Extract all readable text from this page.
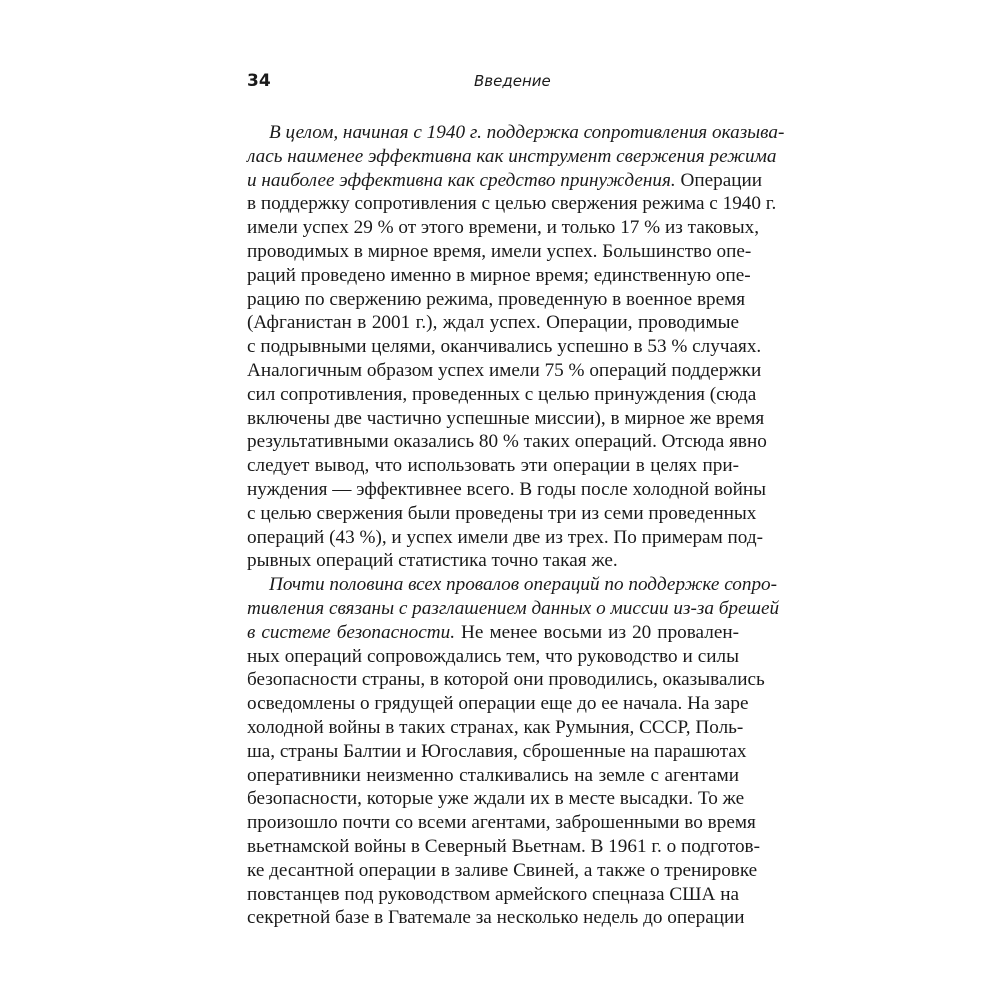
34	Введение
В целом, начиная с 1940 г. поддержка сопротивления оказыва-
лась наименее эффективна как инструмент свержения режима
и наиболее эффективна как средство принуждения. Операции
в поддержку сопротивления с целью свержения режима с 1940 г.
имели успех 29 % от этого времени, и только 17 % из таковых,
проводимых в мирное время, имели успех. Большинство опе-
раций проведено именно в мирное время; единственную опе-
рацию по свержению режима, проведенную в военное время
(Афганистан в 2001 г.), ждал успех. Операции, проводимые
с подрывными целями, оканчивались успешно в 53 % случаях.
Аналогичным образом успех имели 75 % операций поддержки
сил сопротивления, проведенных с целью принуждения (сюда
включены две частично успешные миссии), в мирное же время
результативными оказались 80 % таких операций. Отсюда явно
следует вывод, что использовать эти операции в целях при-
нуждения — эффективнее всего. В годы после холодной войны
с целью свержения были проведены три из семи проведенных
операций (43 %), и успех имели две из трех. По примерам под-
рывных операций статистика точно такая же.
Почти половина всех провалов операций по поддержке сопро-
тивления связаны с разглашением данных о миссии из-за брешей
в системе безопасности. Не менее восьми из 20 провален-
ных операций сопровождались тем, что руководство и силы
безопасности страны, в которой они проводились, оказывались
осведомлены о грядущей операции еще до ее начала. На заре
холодной войны в таких странах, как Румыния, СССР, Поль-
ша, страны Балтии и Югославия, сброшенные на парашютах
оперативники неизменно сталкивались на земле с агентами
безопасности, которые уже ждали их в месте высадки. То же
произошло почти со всеми агентами, заброшенными во время
вьетнамской войны в Северный Вьетнам. В 1961 г. о подготов-
ке десантной операции в заливе Свиней, а также о тренировке
повстанцев под руководством армейского спецназа США на
секретной базе в Гватемале за несколько недель до операции
